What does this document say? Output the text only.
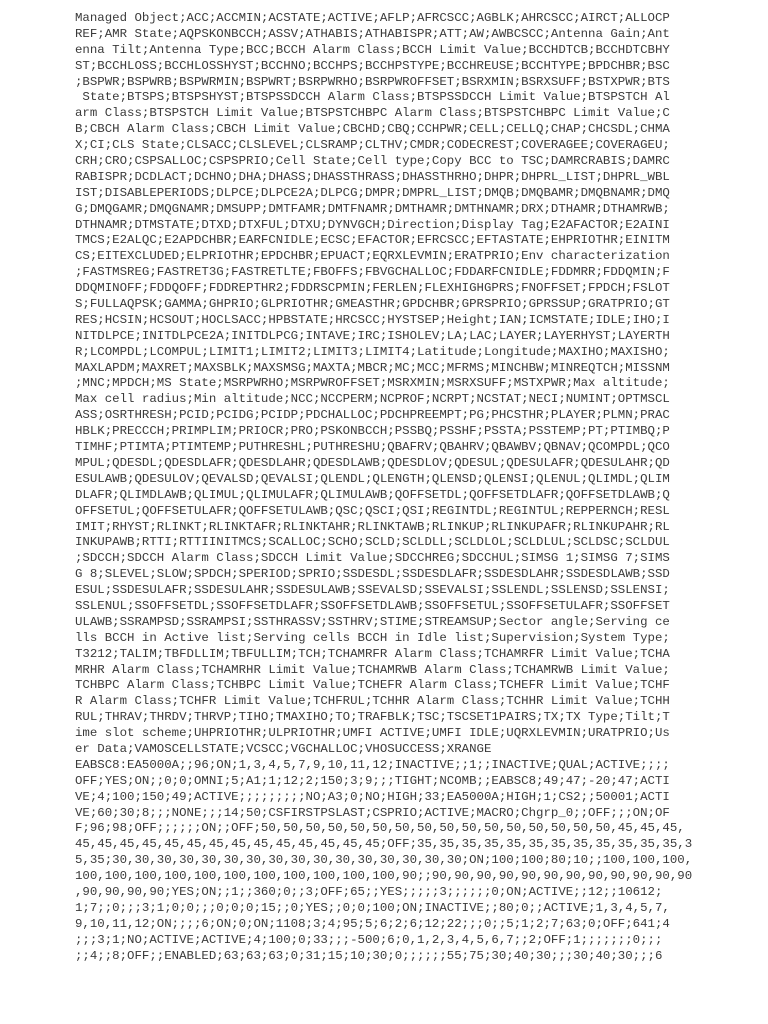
Managed Object;ACC;ACCMIN;ACSTATE;ACTIVE;AFLP;AFRCSCC;AGBLK;AHRCSCC;AIRCT;ALLOCP
REF;AMR State;AQPSKONBCCH;ASSV;ATHABIS;ATHABISPR;ATT;AW;AWBCSCC;Antenna Gain;Ant
enna Tilt;Antenna Type;BCC;BCCH Alarm Class;BCCH Limit Value;BCCHDTCB;BCCHDTCBHY
ST;BCCHLOSS;BCCHLOSSHYST;BCCHNO;BCCHPS;BCCHPSTYPE;BCCHREUSE;BCCHTYPE;BPDCHBR;BSC
;BSPWR;BSPWRB;BSPWRMIN;BSPWRT;BSRPWRHO;BSRPWROFFSET;BSRXMIN;BSRXSUFF;BSTXPWR;BTS
State;BTSPS;BTSPSHYST;BTSPSSDCCH Alarm Class;BTSPSSDCCH Limit Value;BTSPSTCH Al
arm Class;BTSPSTCH Limit Value;BTSPSTCHBPC Alarm Class;BTSPSTCHBPC Limit Value;C
B;CBCH Alarm Class;CBCH Limit Value;CBCHD;CBQ;CCHPWR;CELL;CELLQ;CHAP;CHCSDL;CHMA
X;CI;CLS State;CLSACC;CLSLEVEL;CLSRAMP;CLTHV;CMDR;CODECREST;COVERAGEE;COVERAGEU;
CRH;CRO;CSPSALLOC;CSPSPRIO;Cell State;Cell type;Copy BCC to TSC;DAMRCRABIS;DAMRC
RABISPR;DCDLACT;DCHNO;DHA;DHASS;DHASSTHRASS;DHASSTHRHO;DHPR;DHPRL_LIST;DHPRL_WBL
IST;DISABLEPERIODS;DLPCE;DLPCE2A;DLPCG;DMPR;DMPRL_LIST;DMQB;DMQBAMR;DMQBNAMR;DMQ
G;DMQGAMR;DMQGNAMR;DMSUPP;DMTFAMR;DMTFNAMR;DMTHAMR;DMTHNAMR;DRX;DTHAMR;DTHAMRWB;
DTHNAMR;DTMSTATE;DTXD;DTXFUL;DTXU;DYNVGCH;Direction;Display Tag;E2AFACTOR;E2AINI
TMCS;E2ALQC;E2APDCHBR;EARFCNIDLE;ECSC;EFACTOR;EFRCSCC;EFTASTATE;EHPRIOTHR;EINITM
CS;EITEXCLUDED;ELPRIOTHR;EPDCHBR;EPUACT;EQRXLEVMIN;ERATPRIO;Env characterization
;FASTMSREG;FASTRET3G;FASTRETLTE;FBOFFS;FBVGCHALLOC;FDDARFCNIDLE;FDDMRR;FDDQMIN;F
DDQMINOFF;FDDQOFF;FDDREPTHR2;FDDRSCPMIN;FERLEN;FLEXHIGHGPRS;FNOFFSET;FPDCH;FSLOT
S;FULLAQPSK;GAMMA;GHPRIO;GLPRIOTHR;GMEASTHR;GPDCHBR;GPRSPRIO;GPRSSUP;GRATPRIO;GT
RES;HCSIN;HCSOUT;HOCLSACC;HPBSTATE;HRCSCC;HYSTSEP;Height;IAN;ICMSTATE;IDLE;IHO;I
NITDLPCE;INITDLPCE2A;INITDLPCG;INTAVE;IRC;ISHOLEV;LA;LAC;LAYER;LAYERHYST;LAYERTH
R;LCOMPDL;LCOMPUL;LIMIT1;LIMIT2;LIMIT3;LIMIT4;Latitude;Longitude;MAXIHO;MAXISHO;
MAXLAPDM;MAXRET;MAXSBLK;MAXSMSG;MAXTA;MBCR;MC;MCC;MFRMS;MINCHBW;MINREQTCH;MISSNM
;MNC;MPDCH;MS State;MSRPWRHO;MSRPWROFFSET;MSRXMIN;MSRXSUFF;MSTXPWR;Max altitude;
Max cell radius;Min altitude;NCC;NCCPERM;NCPROF;NCRPT;NCSTAT;NECI;NUMINT;OPTMSCL
ASS;OSRTHRESH;PCID;PCIDG;PCIDP;PDCHALLOC;PDCHPREEMPT;PG;PHCSTHR;PLAYER;PLMN;PRAC
HBLK;PRECCCH;PRIMPLIM;PRIOCR;PRO;PSKONBCCH;PSSBQ;PSSHF;PSSTA;PSSTEMP;PT;PTIMBQ;P
TIMHF;PTIMTA;PTIMTEMP;PUTHRESHL;PUTHRESHU;QBAFRV;QBAHRV;QBAWBV;QBNAV;QCOMPDL;QCO
MPUL;QDESDL;QDESDLAFR;QDESDLAHR;QDESDLAWB;QDESDLOV;QDESUL;QDESULAFR;QDESULAHR;QD
ESULAWB;QDESULOV;QEVALSD;QEVALSI;QLENDL;QLENGTH;QLENSD;QLENSI;QLENUL;QLIMDL;QLIM
DLAFR;QLIMDLAWB;QLIMUL;QLIMULAFR;QLIMULAWB;QOFFSETDL;QOFFSETDLAFR;QOFFSETDLAWB;Q
OFFSETUL;QOFFSETULAFR;QOFFSETULAWB;QSC;QSCI;QSI;REGINTDL;REGINTUL;REPPERNCH;RESL
IMIT;RHYST;RLINKT;RLINKTAFR;RLINKTAHR;RLINKTAWB;RLINKUP;RLINKUPAFR;RLINKUPAHR;RL
INKUPAWB;RTTI;RTTIINITMCS;SCALLOC;SCHO;SCLD;SCLDLL;SCLDLOL;SCLDLUL;SCLDSC;SCLDUL
;SDCCH;SDCCH Alarm Class;SDCCH Limit Value;SDCCHREG;SDCCHUL;SIMSG 1;SIMSG 7;SIMS
G 8;SLEVEL;SLOW;SPDCH;SPERIOD;SPRIO;SSDESDL;SSDESDLAFR;SSDESDLAHR;SSDESDLAWB;SSD
ESUL;SSDESULAFR;SSDESULAHR;SSDESULAWB;SSEVALSD;SSEVALSI;SSLENDL;SSLENSD;SSLENSI;
SSLENUL;SSOFFSETDL;SSOFFSETDLAFR;SSOFFSETDLAWB;SSOFFSETUL;SSOFFSETULAFR;SSOFFSET
ULAWB;SSRAMPSD;SSRAMPSI;SSTHRASSV;SSTHRV;STIME;STREAMSUP;Sector angle;Serving ce
lls BCCH in Active list;Serving cells BCCH in Idle list;Supervision;System Type;
T3212;TALIM;TBFDLLIM;TBFULLIM;TCH;TCHAMRFR Alarm Class;TCHAMRFR Limit Value;TCHA
MRHR Alarm Class;TCHAMRHR Limit Value;TCHAMRWB Alarm Class;TCHAMRWB Limit Value;
TCHBPC Alarm Class;TCHBPC Limit Value;TCHEFR Alarm Class;TCHEFR Limit Value;TCHF
R Alarm Class;TCHFR Limit Value;TCHFRUL;TCHHR Alarm Class;TCHHR Limit Value;TCHH
RUL;THRAV;THRDV;THRVP;TIHO;TMAXIHO;TO;TRAFBLK;TSC;TSCSET1PAIRS;TX;TX Type;Tilt;T
ime slot scheme;UHPRIOTHR;ULPRIOTHR;UMFI ACTIVE;UMFI IDLE;UQRXLEVMIN;URATPRIO;Us
er Data;VAMOSCELLSTATE;VCSCC;VGCHALLOC;VHOSUCCESS;XRANGE
EABSC8:EA5000A;;96;ON;1,3,4,5,7,9,10,11,12;INACTIVE;;1;;INACTIVE;QUAL;ACTIVE;;;;
OFF;YES;ON;;0;0;OMNI;5;A1;1;12;2;150;3;9;;;TIGHT;NCOMB;;EABSC8;49;47;-20;47;ACTI
VE;4;100;150;49;ACTIVE;;;;;;;;;NO;A3;0;NO;HIGH;33;EA5000A;HIGH;1;CS2;;50001;ACTI
VE;60;30;8;;;NONE;;;14;50;CSFIRSTPSLAST;CSPRIO;ACTIVE;MACRO;Chgrp_0;;OFF;;;ON;OF
F;96;98;OFF;;;;;;ON;;OFF;50,50,50,50,50,50,50,50,50,50,50,50,50,50,50,50,45,45,45,
45,45,45,45,45,45,45,45,45,45,45,45,45,45;OFF;35,35,35,35,35,35,35,35,35,35,35,35,3
5,35;30,30,30,30,30,30,30,30,30,30,30,30,30,30,30,30;ON;100;100;80;10;;100,100,100,
100,100,100,100,100,100,100,100,100,100,100,90;;90,90,90,90,90,90,90,90,90,90,90,90
,90,90,90,90;YES;ON;;1;;360;0;;3;OFF;65;;YES;;;;;3;;;;;;0;ON;ACTIVE;;12;;10612;
1;7;;0;;;3;1;0;0;;;0;0;0;15;;0;YES;;0;0;100;ON;INACTIVE;;80;0;;ACTIVE;1,3,4,5,7,
9,10,11,12;ON;;;;6;ON;0;ON;1108;3;4;95;5;6;2;6;12;22;;;0;;5;1;2;7;63;0;OFF;641;4
;;;3;1;NO;ACTIVE;ACTIVE;4;100;0;33;;;-500;6;0,1,2,3,4,5,6,7;;2;OFF;1;;;;;;;0;;;
;;4;;8;OFF;;ENABLED;63;63;63;0;31;15;10;30;0;;;;;;55;75;30;40;30;;;30;40;30;;;6
